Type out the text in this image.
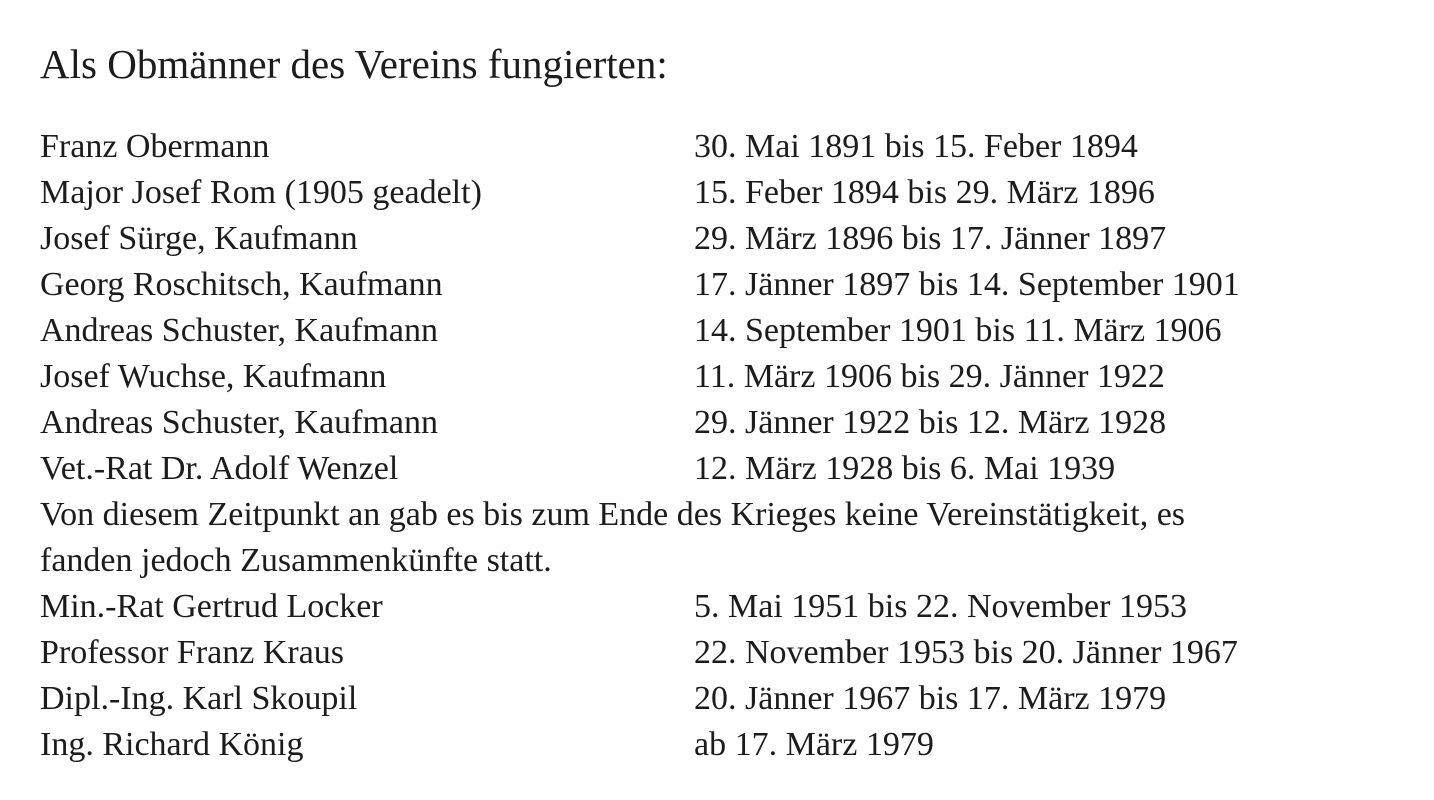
Als Obmänner des Vereins fungierten:
Franz Obermann	30. Mai 1891 bis 15. Feber 1894
Major Josef Rom (1905 geadelt)	15. Feber 1894 bis 29. März 1896
Josef Sürge, Kaufmann	29. März 1896 bis 17. Jänner 1897
Georg Roschitsch, Kaufmann	17. Jänner 1897 bis 14. September 1901
Andreas Schuster, Kaufmann	14. September 1901 bis 11. März 1906
Josef Wuchse, Kaufmann	11. März 1906 bis 29. Jänner 1922
Andreas Schuster, Kaufmann	29. Jänner 1922 bis 12. März 1928
Vet.-Rat Dr. Adolf Wenzel	12. März 1928 bis 6. Mai 1939
Von diesem Zeitpunkt an gab es bis zum Ende des Krieges keine Vereinstätigkeit, es
fanden jedoch Zusammenkünfte statt.
Min.-Rat Gertrud Locker	5. Mai 1951 bis 22. November 1953
Professor Franz Kraus	22. November 1953 bis 20. Jänner 1967
Dipl.-Ing. Karl Skoupil	20. Jänner 1967 bis 17. März 1979
Ing. Richard König	ab 17. März 1979
